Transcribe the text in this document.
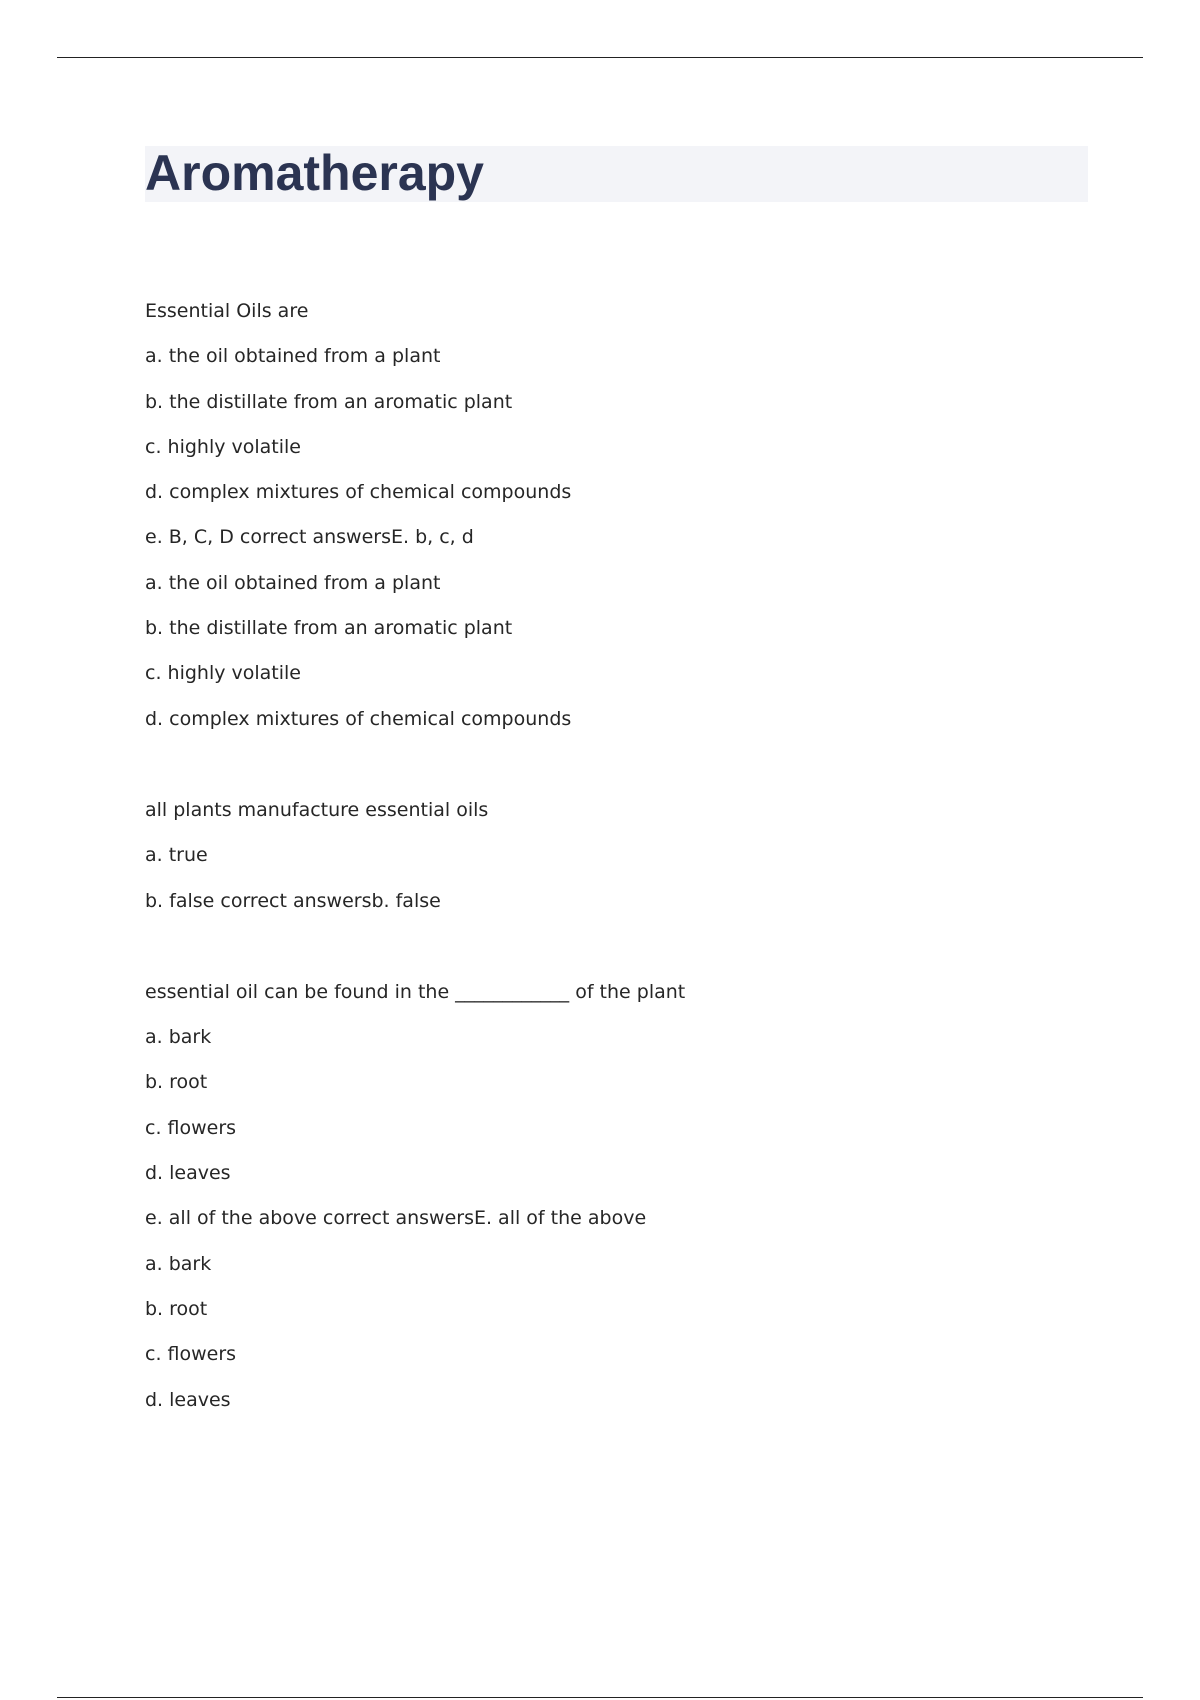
Aromatherapy
Essential Oils are
a. the oil obtained from a plant
b. the distillate from an aromatic plant
c. highly volatile
d. complex mixtures of chemical compounds
e. B, C, D correct answersE. b, c, d
a. the oil obtained from a plant
b. the distillate from an aromatic plant
c. highly volatile
d. complex mixtures of chemical compounds
all plants manufacture essential oils
a. true
b. false correct answersb. false
essential oil can be found in the ____________ of the plant
a. bark
b. root
c. flowers
d. leaves
e. all of the above correct answersE. all of the above
a. bark
b. root
c. flowers
d. leaves
